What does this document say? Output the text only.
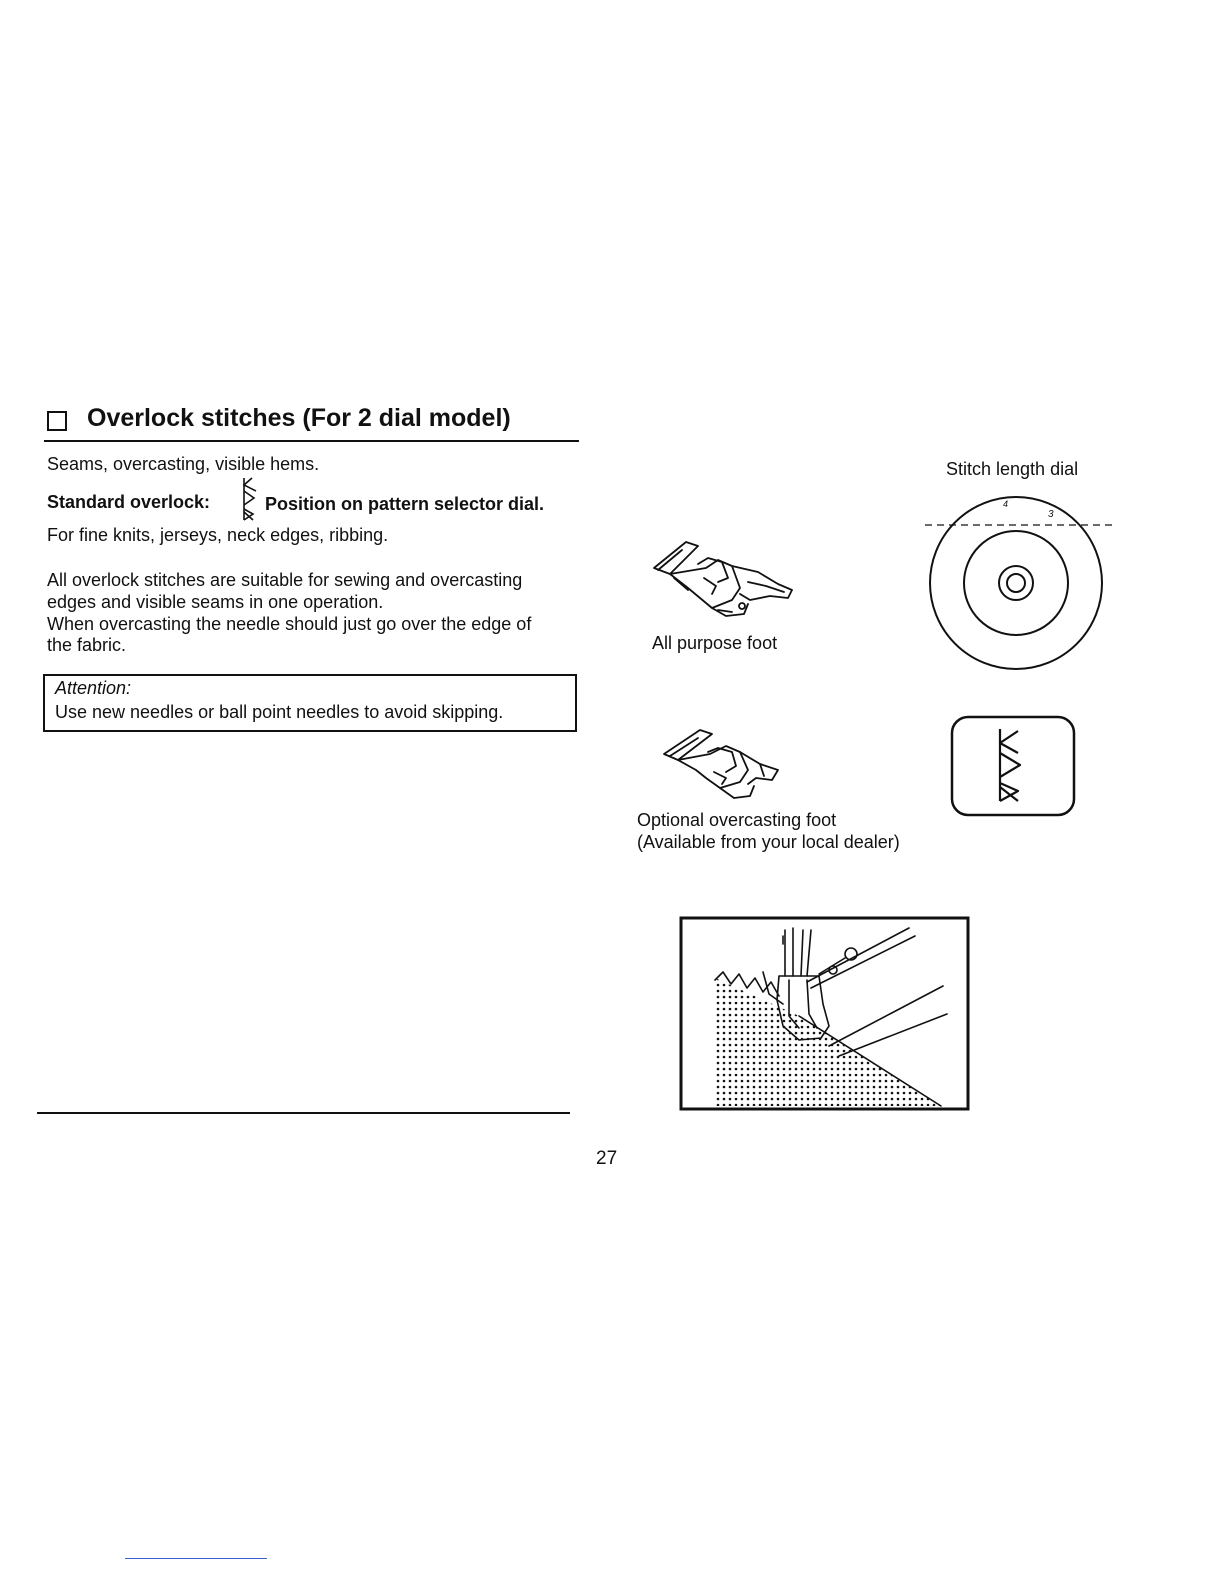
Overlock stitches (For 2 dial model)
Seams, overcasting, visible hems.
Standard overlock:	Position on pattern selector dial.
For fine knits, jerseys, neck edges, ribbing.
All overlock stitches are suitable for sewing and overcasting
edges and visible seams in one operation.
When overcasting the needle should just go over the edge of
the fabric.
Attention:
Use new needles or ball point needles to avoid skipping.
All purpose foot
Optional overcasting foot
(Available from your local dealer)
Stitch length dial
4
3
27
